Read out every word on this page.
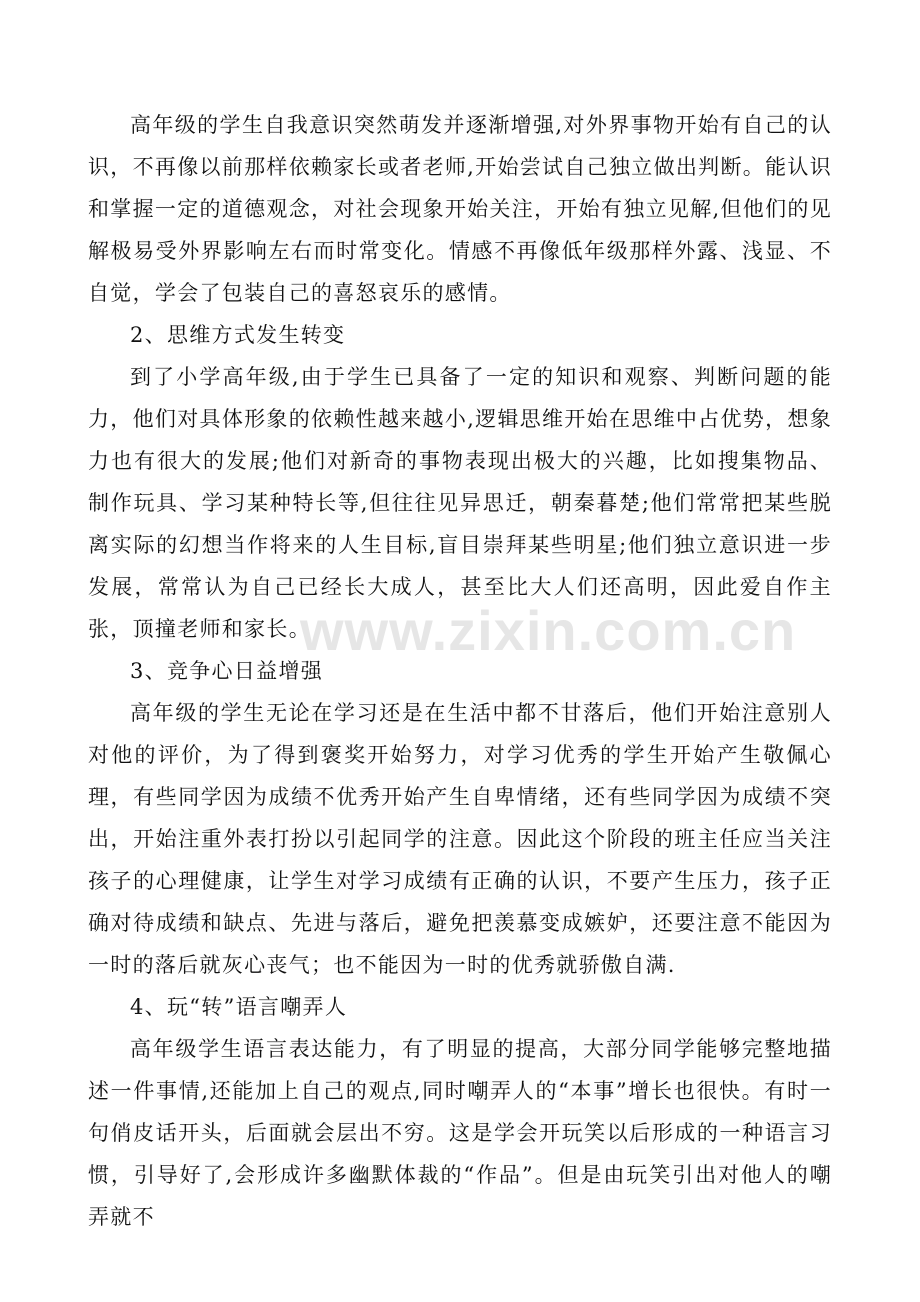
高年级的学生自我意识突然萌发并逐渐增强,对外界事物开始有自己的认识，不再像以前那样依赖家长或者老师,开始尝试自己独立做出判断。能认识和掌握一定的道德观念，对社会现象开始关注，开始有独立见解,但他们的见解极易受外界影响左右而时常变化。情感不再像低年级那样外露、浅显、不自觉，学会了包装自己的喜怒哀乐的感情。

2、思维方式发生转变

到了小学高年级,由于学生已具备了一定的知识和观察、判断问题的能力，他们对具体形象的依赖性越来越小,逻辑思维开始在思维中占优势，想象力也有很大的发展;他们对新奇的事物表现出极大的兴趣，比如搜集物品、制作玩具、学习某种特长等,但往往见异思迁，朝秦暮楚;他们常常把某些脱离实际的幻想当作将来的人生目标,盲目崇拜某些明星;他们独立意识进一步发展，常常认为自己已经长大成人，甚至比大人们还高明，因此爱自作主张，顶撞老师和家长。

3、竞争心日益增强

高年级的学生无论在学习还是在生活中都不甘落后，他们开始注意别人对他的评价，为了得到褒奖开始努力，对学习优秀的学生开始产生敬佩心理，有些同学因为成绩不优秀开始产生自卑情绪，还有些同学因为成绩不突出，开始注重外表打扮以引起同学的注意。因此这个阶段的班主任应当关注孩子的心理健康，让学生对学习成绩有正确的认识，不要产生压力，孩子正确对待成绩和缺点、先进与落后，避免把羡慕变成嫉妒，还要注意不能因为一时的落后就灰心丧气；也不能因为一时的优秀就骄傲自满.

4、玩“转”语言嘲弄人

高年级学生语言表达能力，有了明显的提高，大部分同学能够完整地描述一件事情,还能加上自己的观点,同时嘲弄人的“本事”增长也很快。有时一句俏皮话开头，后面就会层出不穷。这是学会开玩笑以后形成的一种语言习惯，引导好了,会形成许多幽默体裁的“作品”。但是由玩笑引出对他人的嘲弄就不

www.zixin.com.cn
